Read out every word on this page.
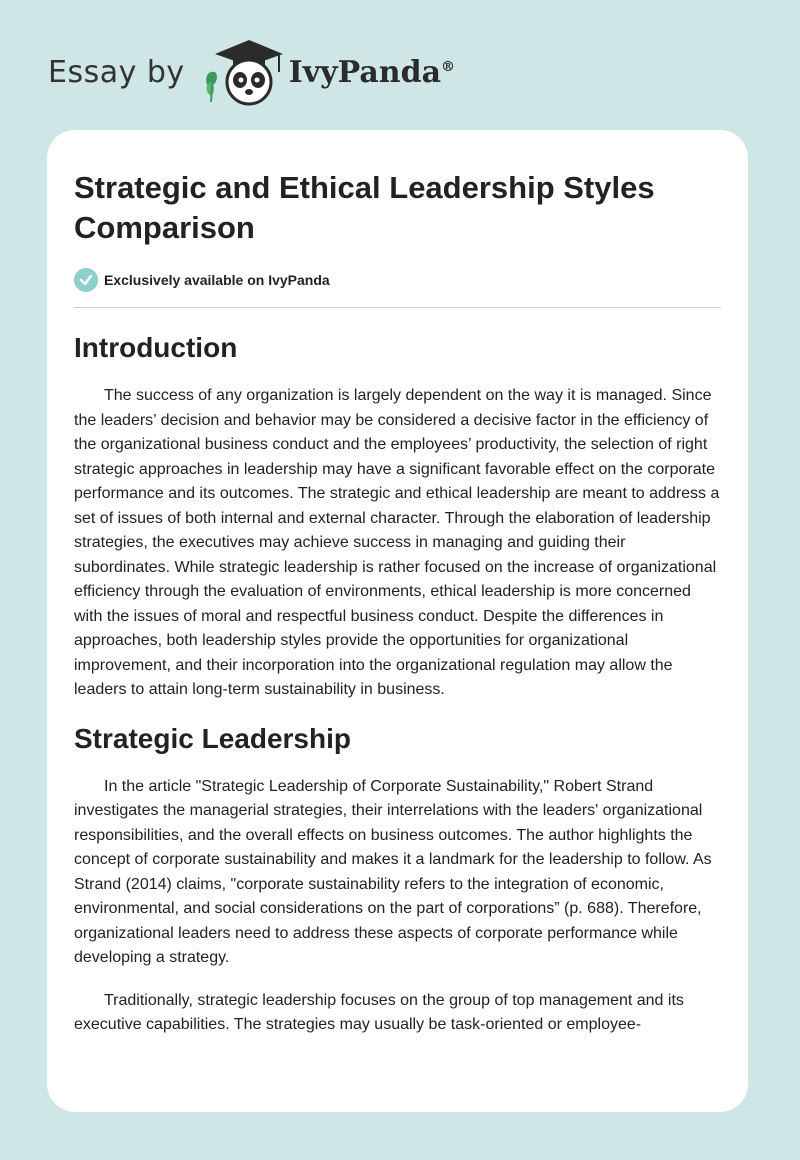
Essay by	IvyPanda®
Strategic and Ethical Leadership Styles Comparison
Exclusively available on IvyPanda
Introduction

The success of any organization is largely dependent on the way it is managed. Since the leaders’ decision and behavior may be considered a decisive factor in the efficiency of the organizational business conduct and the employees’ productivity, the selection of right strategic approaches in leadership may have a significant favorable effect on the corporate performance and its outcomes. The strategic and ethical leadership are meant to address a set of issues of both internal and external character. Through the elaboration of leadership strategies, the executives may achieve success in managing and guiding their subordinates. While strategic leadership is rather focused on the increase of organizational efficiency through the evaluation of environments, ethical leadership is more concerned with the issues of moral and respectful business conduct. Despite the differences in approaches, both leadership styles provide the opportunities for organizational improvement, and their incorporation into the organizational regulation may allow the leaders to attain long-term sustainability in business.

Strategic Leadership

In the article "Strategic Leadership of Corporate Sustainability," Robert Strand investigates the managerial strategies, their interrelations with the leaders' organizational responsibilities, and the overall effects on business outcomes. The author highlights the concept of corporate sustainability and makes it a landmark for the leadership to follow. As Strand (2014) claims, "corporate sustainability refers to the integration of economic, environmental, and social considerations on the part of corporations” (p. 688). Therefore, organizational leaders need to address these aspects of corporate performance while developing a strategy.

Traditionally, strategic leadership focuses on the group of top management and its executive capabilities. The strategies may usually be task-oriented or employee-
